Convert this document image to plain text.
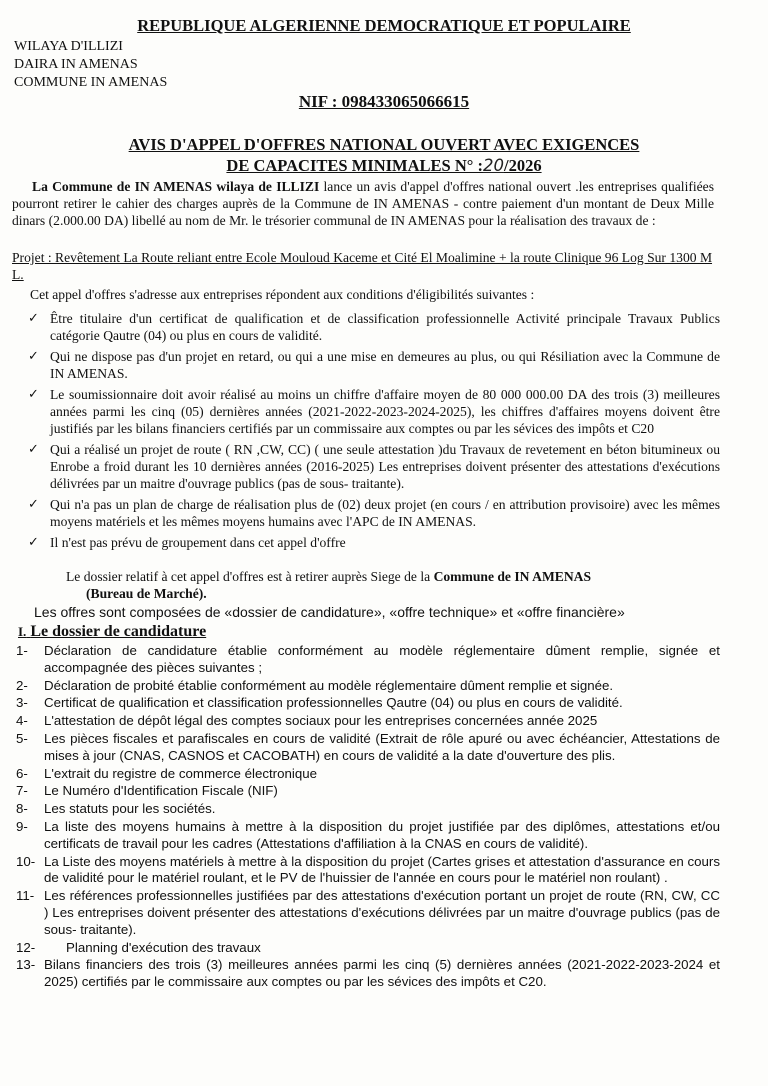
REPUBLIQUE ALGERIENNE DEMOCRATIQUE ET POPULAIRE
WILAYA D'ILLIZI
DAIRA IN AMENAS
COMMUNE IN AMENAS
NIF : 098433065066615
AVIS D'APPEL D'OFFRES NATIONAL OUVERT AVEC EXIGENCES
DE CAPACITES MINIMALES N° :20/2026
La Commune de IN AMENAS wilaya de ILLIZI lance un avis d'appel d'offres national ouvert .les entreprises qualifiées pourront retirer le cahier des charges auprès de la Commune de IN AMENAS - contre paiement d'un montant de Deux Mille dinars (2.000.00 DA) libellé au nom de Mr. le trésorier communal de IN AMENAS pour la réalisation des travaux de :
Projet : Revêtement La Route reliant entre Ecole Mouloud Kaceme et Cité El Moalimine + la route Clinique 96 Log Sur 1300 M L.
Cet appel d'offres s'adresse aux entreprises répondent aux conditions d'éligibilités suivantes :
✓ Être titulaire d'un certificat de qualification et de classification professionnelle Activité principale Travaux Publics catégorie Qautre (04) ou plus en cours de validité.
✓ Qui ne dispose pas d'un projet en retard, ou qui a une mise en demeures au plus, ou qui Résiliation avec la Commune de IN AMENAS.
✓ Le soumissionnaire doit avoir réalisé au moins un chiffre d'affaire moyen de 80 000 000.00 DA des trois (3) meilleures années parmi les cinq (05) dernières années (2021-2022-2023-2024-2025), les chiffres d'affaires moyens doivent être justifiés par les bilans financiers certifiés par un commissaire aux comptes ou par les sévices des impôts et C20
✓ Qui a réalisé un projet de route ( RN ,CW, CC) ( une seule attestation )du Travaux de revetement en béton bitumineux ou Enrobe a froid durant les 10 dernières années (2016-2025) Les entreprises doivent présenter des attestations d'exécutions délivrées par un maitre d'ouvrage publics (pas de sous- traitante).
✓ Qui n'a pas un plan de charge de réalisation plus de (02) deux projet (en cours / en attribution provisoire) avec les mêmes moyens matériels et les mêmes moyens humains avec l'APC de IN AMENAS.
✓ Il n'est pas prévu de groupement dans cet appel d'offre
Le dossier relatif à cet appel d'offres est à retirer auprès Siege de la Commune de IN AMENAS
(Bureau de Marché).
Les offres sont composées de «dossier de candidature», «offre technique» et «offre financière»
I. Le dossier de candidature
1- Déclaration de candidature établie conformément au modèle réglementaire dûment remplie, signée et accompagnée des pièces suivantes ;
2- Déclaration de probité établie conformément au modèle réglementaire dûment remplie et signée.
3- Certificat de qualification et classification professionnelles Qautre (04) ou plus en cours de validité.
4- L'attestation de dépôt légal des comptes sociaux pour les entreprises concernées année 2025
5- Les pièces fiscales et parafiscales en cours de validité (Extrait de rôle apuré ou avec échéancier, Attestations de mises à jour (CNAS, CASNOS et CACOBATH) en cours de validité a la date d'ouverture des plis.
6- L'extrait du registre de commerce électronique
7- Le Numéro d'Identification Fiscale (NIF)
8- Les statuts pour les sociétés.
9- La liste des moyens humains à mettre à la disposition du projet justifiée par des diplômes, attestations et/ou certificats de travail pour les cadres (Attestations d'affiliation à la CNAS en cours de validité).
10- La Liste des moyens matériels à mettre à la disposition du projet (Cartes grises et attestation d'assurance en cours de validité pour le matériel roulant, et le PV de l'huissier de l'année en cours pour le matériel non roulant) .
11- Les références professionnelles justifiées par des attestations d'exécution portant un projet de route (RN, CW, CC ) Les entreprises doivent présenter des attestations d'exécutions délivrées par un maitre d'ouvrage publics (pas de sous- traitante).
12- Planning d'exécution des travaux
13- Bilans financiers des trois (3) meilleures années parmi les cinq (5) dernières années (2021-2022-2023-2024 et 2025) certifiés par le commissaire aux comptes ou par les sévices des impôts et C20.
